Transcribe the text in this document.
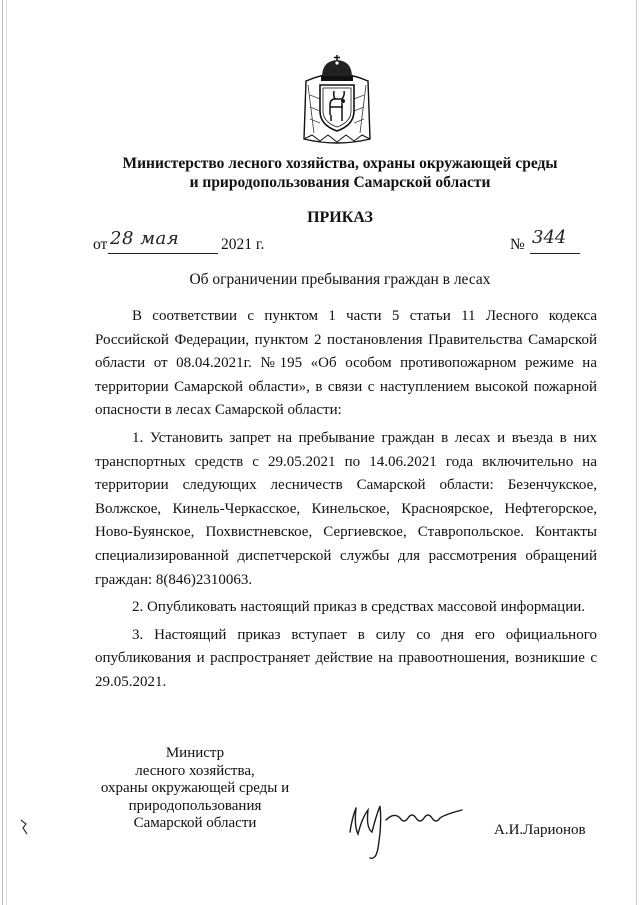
Министерство лесного хозяйства, охраны окружающей среды
и природопользования Самарской области
ПРИКАЗ
от 28 мая	2021 г.	№ 344
Об ограничении пребывания граждан в лесах

В соответствии с пунктом 1 части 5 статьи 11 Лесного кодекса Российской Федерации, пунктом 2 постановления Правительства Самарской области от 08.04.2021г. №195 «Об особом противопожарном режиме на территории Самарской области», в связи с наступлением высокой пожарной опасности в лесах Самарской области:

1. Установить запрет на пребывание граждан в лесах и въезда в них транспортных средств с 29.05.2021 по 14.06.2021 года включительно на территории следующих лесничеств Самарской области: Безенчукское, Волжское, Кинель-Черкасское, Кинельское, Красноярское, Нефтегорское, Ново-Буянское, Похвистневское, Сергиевское, Ставропольское. Контакты специализированной диспетчерской службы для рассмотрения обращений граждан: 8(846)2310063.

2. Опубликовать настоящий приказ в средствах массовой информации.

3. Настоящий приказ вступает в силу со дня его официального опубликования и распространяет действие на правоотношения, возникшие с 29.05.2021.

Министр
лесного хозяйства,
охраны окружающей среды и
природопользования
Самарской области	А.И.Ларионов
